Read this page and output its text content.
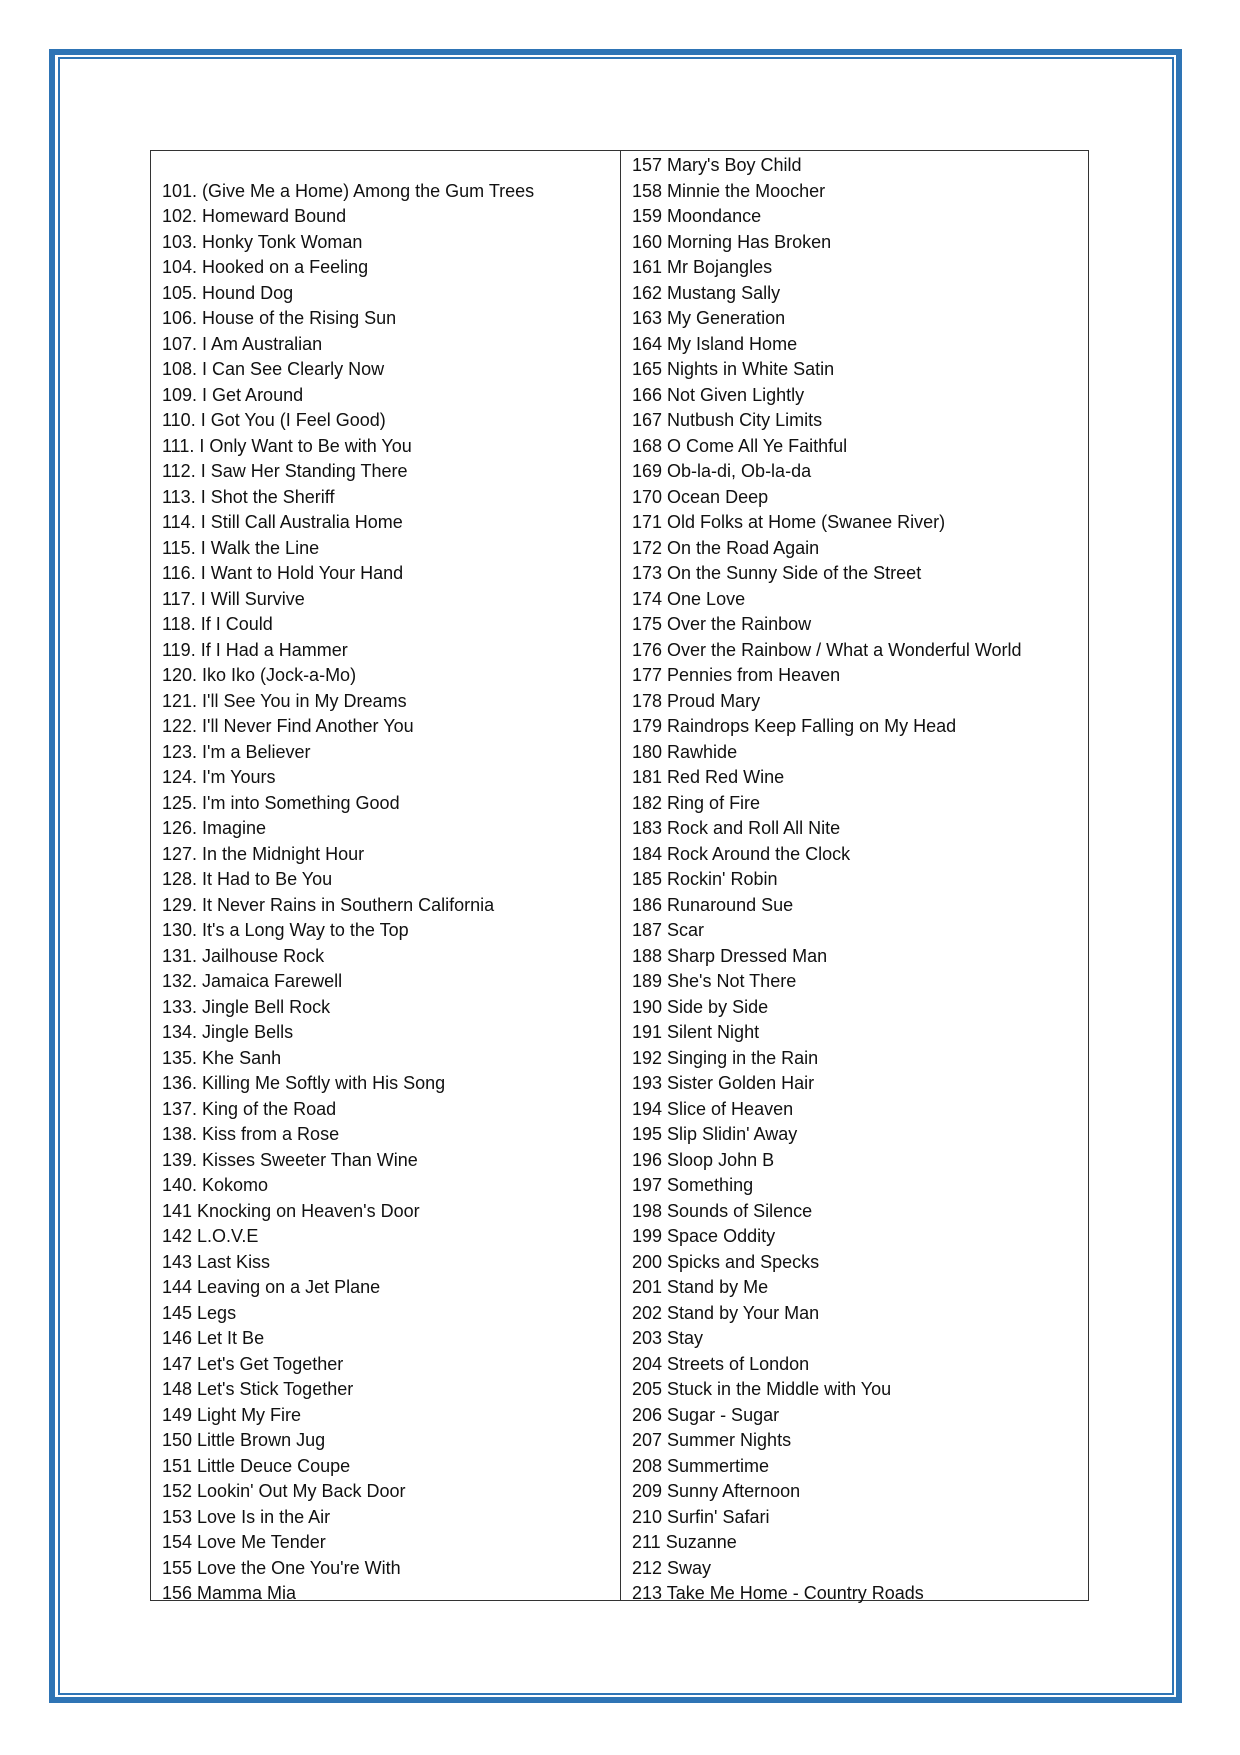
101. (Give Me a Home) Among the Gum Trees
102. Homeward Bound
103. Honky Tonk Woman
104. Hooked on a Feeling
105. Hound Dog
106. House of the Rising Sun
107. I Am Australian
108. I Can See Clearly Now
109. I Get Around
110. I Got You (I Feel Good)
111. I Only Want to Be with You
112. I Saw Her Standing There
113. I Shot the Sheriff
114. I Still Call Australia Home
115. I Walk the Line
116. I Want to Hold Your Hand
117. I Will Survive
118. If I Could
119. If I Had a Hammer
120. Iko Iko (Jock-a-Mo)
121. I'll See You in My Dreams
122. I'll Never Find Another You
123. I'm a Believer
124. I'm Yours
125. I'm into Something Good
126. Imagine
127. In the Midnight Hour
128. It Had to Be You
129. It Never Rains in Southern California
130. It's a Long Way to the Top
131. Jailhouse Rock
132. Jamaica Farewell
133. Jingle Bell Rock
134. Jingle Bells
135. Khe Sanh
136. Killing Me Softly with His Song
137. King of the Road
138. Kiss from a Rose
139. Kisses Sweeter Than Wine
140. Kokomo
141 Knocking on Heaven's Door
142 L.O.V.E
143 Last Kiss
144 Leaving on a Jet Plane
145 Legs
146 Let It Be
147 Let's Get Together
148 Let's Stick Together
149 Light My Fire
150 Little Brown Jug
151 Little Deuce Coupe
152 Lookin' Out My Back Door
153 Love Is in the Air
154 Love Me Tender
155 Love the One You're With
156 Mamma Mia
157 Mary's Boy Child
158 Minnie the Moocher
159 Moondance
160 Morning Has Broken
161 Mr Bojangles
162 Mustang Sally
163 My Generation
164 My Island Home
165 Nights in White Satin
166 Not Given Lightly
167 Nutbush City Limits
168 O Come All Ye Faithful
169 Ob-la-di, Ob-la-da
170 Ocean Deep
171 Old Folks at Home (Swanee River)
172 On the Road Again
173 On the Sunny Side of the Street
174 One Love
175 Over the Rainbow
176 Over the Rainbow / What a Wonderful World
177 Pennies from Heaven
178 Proud Mary
179 Raindrops Keep Falling on My Head
180 Rawhide
181 Red Red Wine
182 Ring of Fire
183 Rock and Roll All Nite
184 Rock Around the Clock
185 Rockin' Robin
186 Runaround Sue
187 Scar
188 Sharp Dressed Man
189 She's Not There
190 Side by Side
191 Silent Night
192 Singing in the Rain
193 Sister Golden Hair
194 Slice of Heaven
195 Slip Slidin' Away
196 Sloop John B
197 Something
198 Sounds of Silence
199 Space Oddity
200 Spicks and Specks
201 Stand by Me
202 Stand by Your Man
203 Stay
204 Streets of London
205 Stuck in the Middle with You
206 Sugar - Sugar
207 Summer Nights
208 Summertime
209 Sunny Afternoon
210 Surfin' Safari
211 Suzanne
212 Sway
213 Take Me Home - Country Roads
